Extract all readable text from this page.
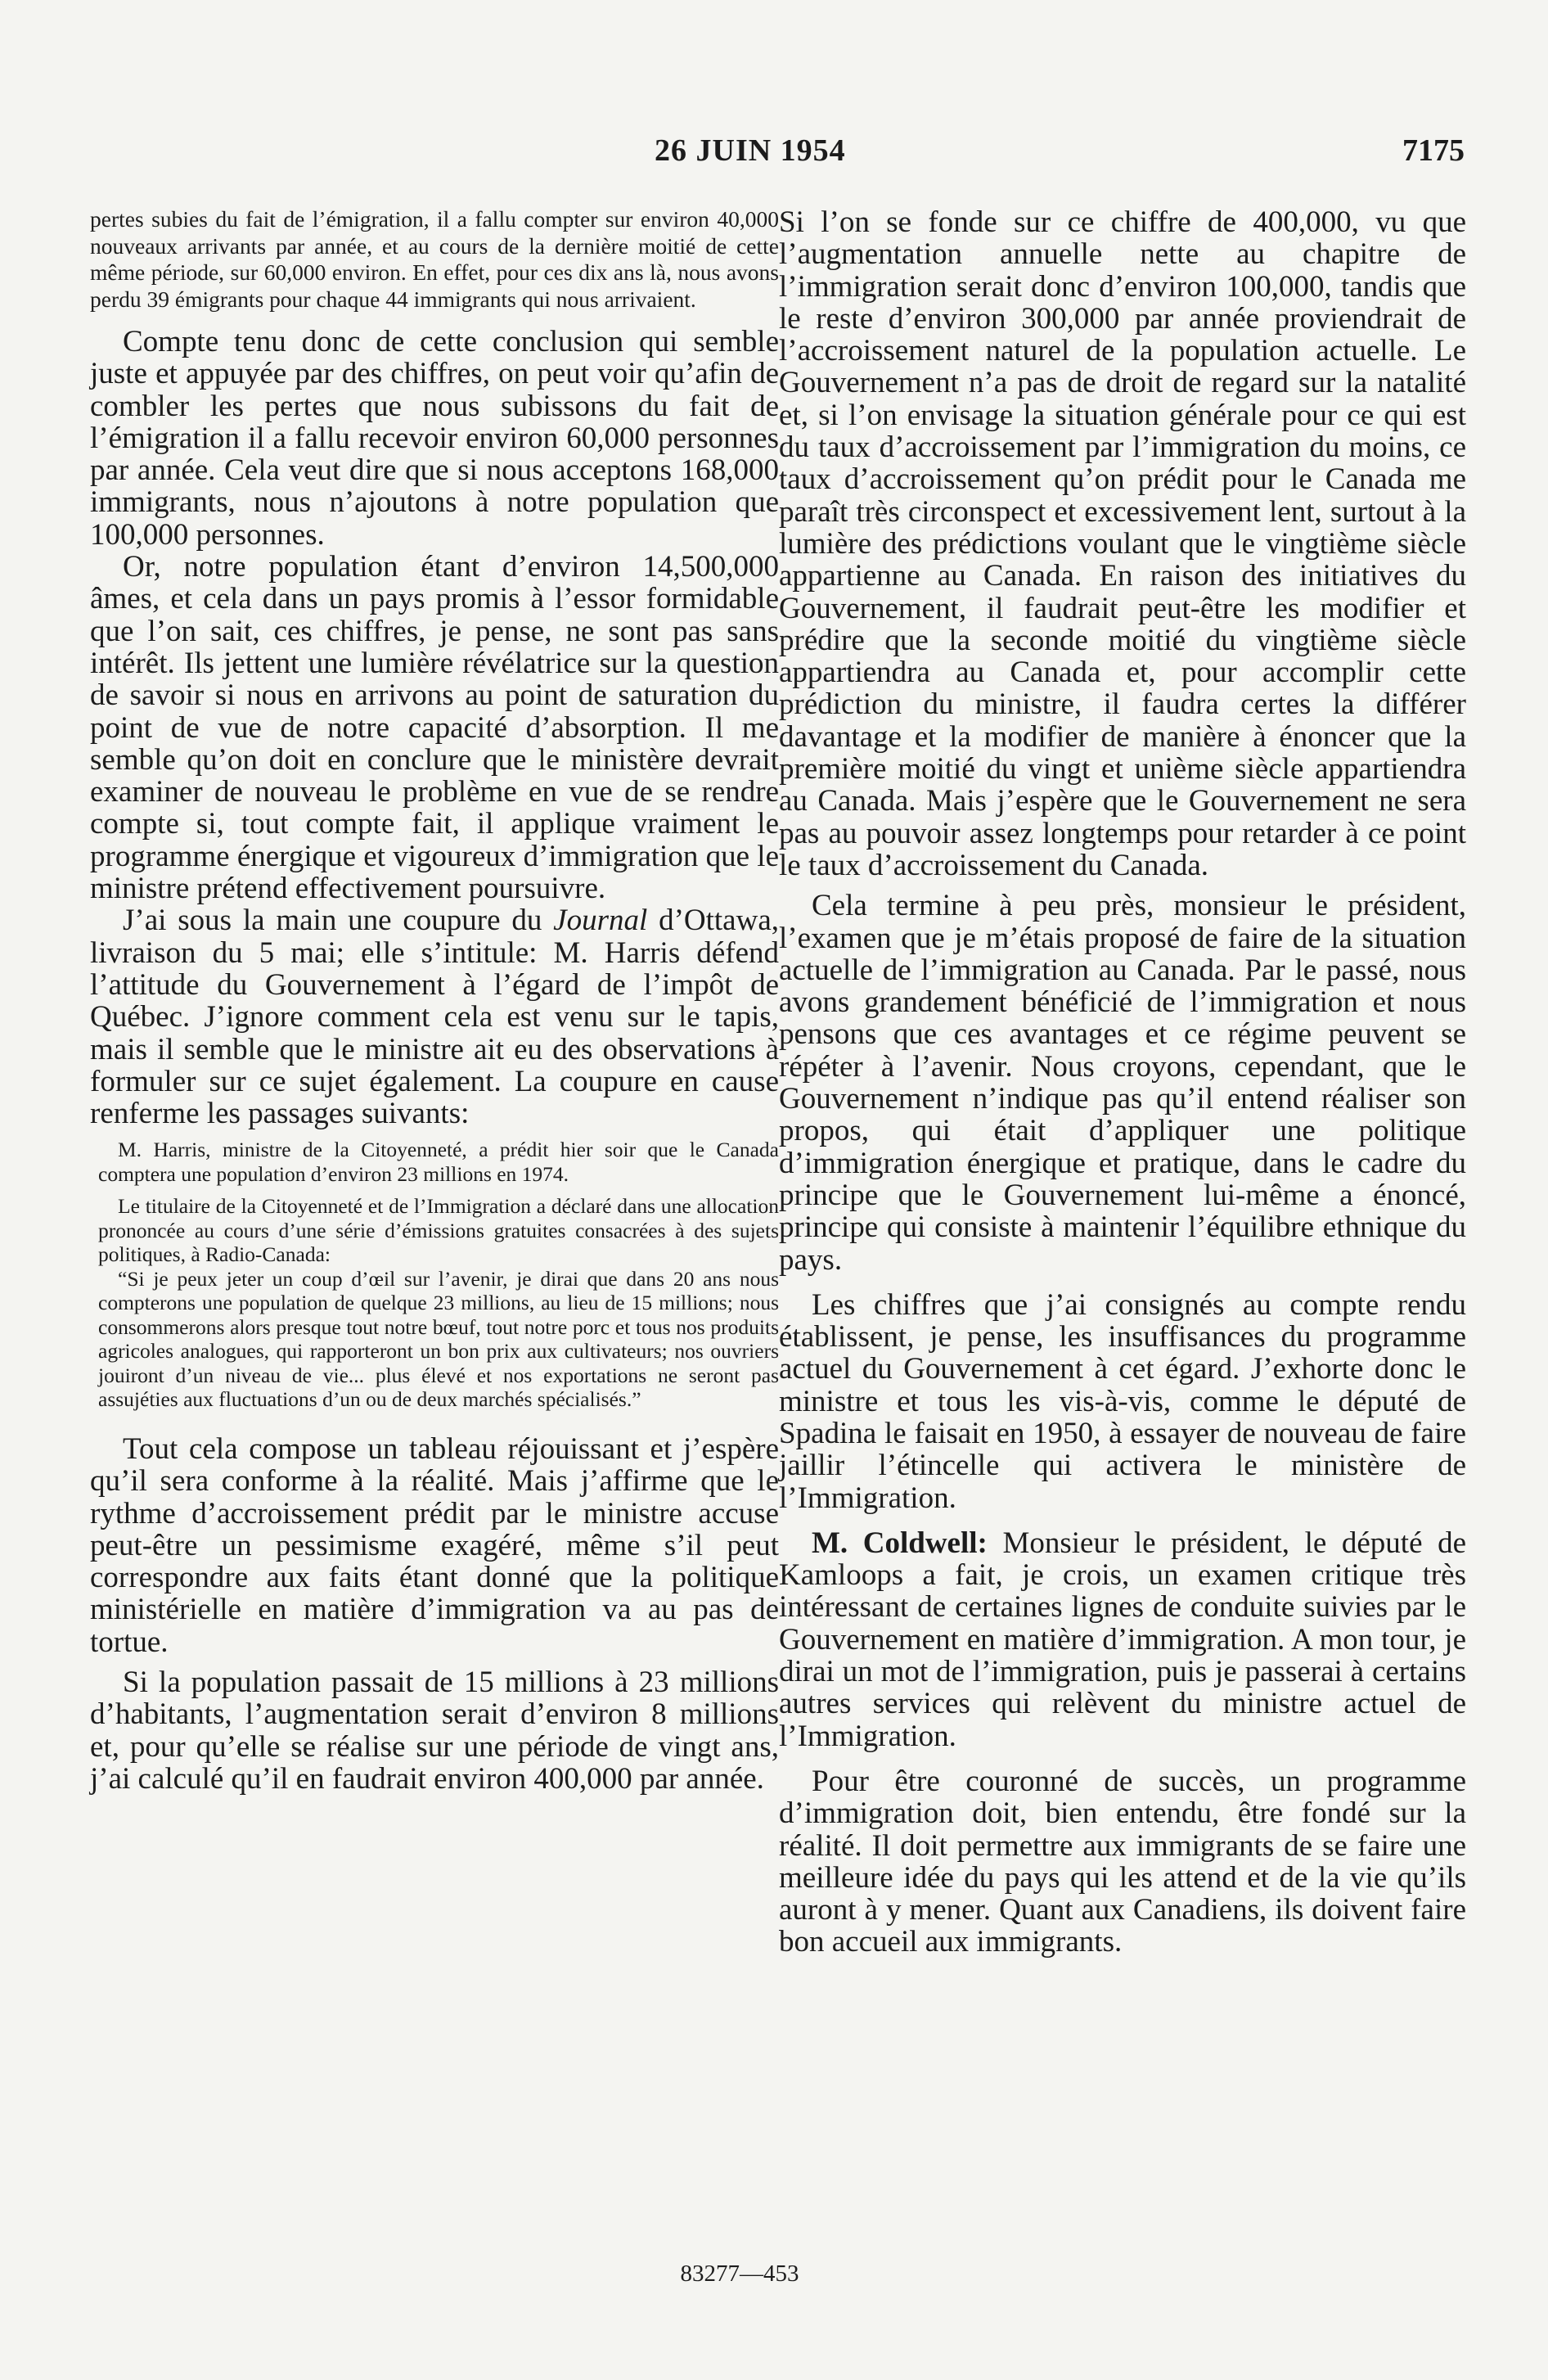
26 JUIN 1954	7175

pertes subies du fait de l’émigration, il a fallu compter sur environ 40,000 nouveaux arrivants par année, et au cours de la dernière moitié de cette même période, sur 60,000 environ. En effet, pour ces dix ans là, nous avons perdu 39 émigrants pour chaque 44 immigrants qui nous arrivaient.

Compte tenu donc de cette conclusion qui semble juste et appuyée par des chiffres, on peut voir qu’afin de combler les pertes que nous subissons du fait de l’émigration il a fallu recevoir environ 60,000 personnes par année. Cela veut dire que si nous acceptons 168,000 immigrants, nous n’ajoutons à notre population que 100,000 personnes.

Or, notre population étant d’environ 14,500,000 âmes, et cela dans un pays promis à l’essor formidable que l’on sait, ces chiffres, je pense, ne sont pas sans intérêt. Ils jettent une lumière révélatrice sur la question de savoir si nous en arrivons au point de saturation du point de vue de notre capacité d’absorption. Il me semble qu’on doit en conclure que le ministère devrait examiner de nouveau le problème en vue de se rendre compte si, tout compte fait, il applique vraiment le programme énergique et vigoureux d’immigration que le ministre prétend effectivement poursuivre.

J’ai sous la main une coupure du Journal d’Ottawa, livraison du 5 mai; elle s’intitule: M. Harris défend l’attitude du Gouvernement à l’égard de l’impôt de Québec. J’ignore comment cela est venu sur le tapis, mais il semble que le ministre ait eu des observations à formuler sur ce sujet également. La coupure en cause renferme les passages suivants:

M. Harris, ministre de la Citoyenneté, a prédit hier soir que le Canada comptera une population d’environ 23 millions en 1974.

Le titulaire de la Citoyenneté et de l’Immigration a déclaré dans une allocation prononcée au cours d’une série d’émissions gratuites consacrées à des sujets politiques, à Radio-Canada:

“Si je peux jeter un coup d’œil sur l’avenir, je dirai que dans 20 ans nous compterons une population de quelque 23 millions, au lieu de 15 millions; nous consommerons alors presque tout notre bœuf, tout notre porc et tous nos produits agricoles analogues, qui rapporteront un bon prix aux cultivateurs; nos ouvriers jouiront d’un niveau de vie... plus élevé et nos exportations ne seront pas assujéties aux fluctuations d’un ou de deux marchés spécialisés.”

Tout cela compose un tableau réjouissant et j’espère qu’il sera conforme à la réalité. Mais j’affirme que le rythme d’accroissement prédit par le ministre accuse peut-être un pessimisme exagéré, même s’il peut correspondre aux faits étant donné que la politique ministérielle en matière d’immigration va au pas de tortue.

Si la population passait de 15 millions à 23 millions d’habitants, l’augmentation serait d’environ 8 millions et, pour qu’elle se réalise sur une période de vingt ans, j’ai calculé qu’il en faudrait environ 400,000 par année.

Si l’on se fonde sur ce chiffre de 400,000, vu que l’augmentation annuelle nette au chapitre de l’immigration serait donc d’environ 100,000, tandis que le reste d’environ 300,000 par année proviendrait de l’accroissement naturel de la population actuelle. Le Gouvernement n’a pas de droit de regard sur la natalité et, si l’on envisage la situation générale pour ce qui est du taux d’accroissement par l’immigration du moins, ce taux d’accroissement qu’on prédit pour le Canada me paraît très circonspect et excessivement lent, surtout à la lumière des prédictions voulant que le vingtième siècle appartienne au Canada. En raison des initiatives du Gouvernement, il faudrait peut-être les modifier et prédire que la seconde moitié du vingtième siècle appartiendra au Canada et, pour accomplir cette prédiction du ministre, il faudra certes la différer davantage et la modifier de manière à énoncer que la première moitié du vingt et unième siècle appartiendra au Canada. Mais j’espère que le Gouvernement ne sera pas au pouvoir assez longtemps pour retarder à ce point le taux d’accroissement du Canada.

Cela termine à peu près, monsieur le président, l’examen que je m’étais proposé de faire de la situation actuelle de l’immigration au Canada. Par le passé, nous avons grandement bénéficié de l’immigration et nous pensons que ces avantages et ce régime peuvent se répéter à l’avenir. Nous croyons, cependant, que le Gouvernement n’indique pas qu’il entend réaliser son propos, qui était d’appliquer une politique d’immigration énergique et pratique, dans le cadre du principe que le Gouvernement lui-même a énoncé, principe qui consiste à maintenir l’équilibre ethnique du pays.

Les chiffres que j’ai consignés au compte rendu établissent, je pense, les insuffisances du programme actuel du Gouvernement à cet égard. J’exhorte donc le ministre et tous les vis-à-vis, comme le député de Spadina le faisait en 1950, à essayer de nouveau de faire jaillir l’étincelle qui activera le ministère de l’Immigration.

M. Coldwell: Monsieur le président, le député de Kamloops a fait, je crois, un examen critique très intéressant de certaines lignes de conduite suivies par le Gouvernement en matière d’immigration. A mon tour, je dirai un mot de l’immigration, puis je passerai à certains autres services qui relèvent du ministre actuel de l’Immigration.

Pour être couronné de succès, un programme d’immigration doit, bien entendu, être fondé sur la réalité. Il doit permettre aux immigrants de se faire une meilleure idée du pays qui les attend et de la vie qu’ils auront à y mener. Quant aux Canadiens, ils doivent faire bon accueil aux immigrants.

83277—453
